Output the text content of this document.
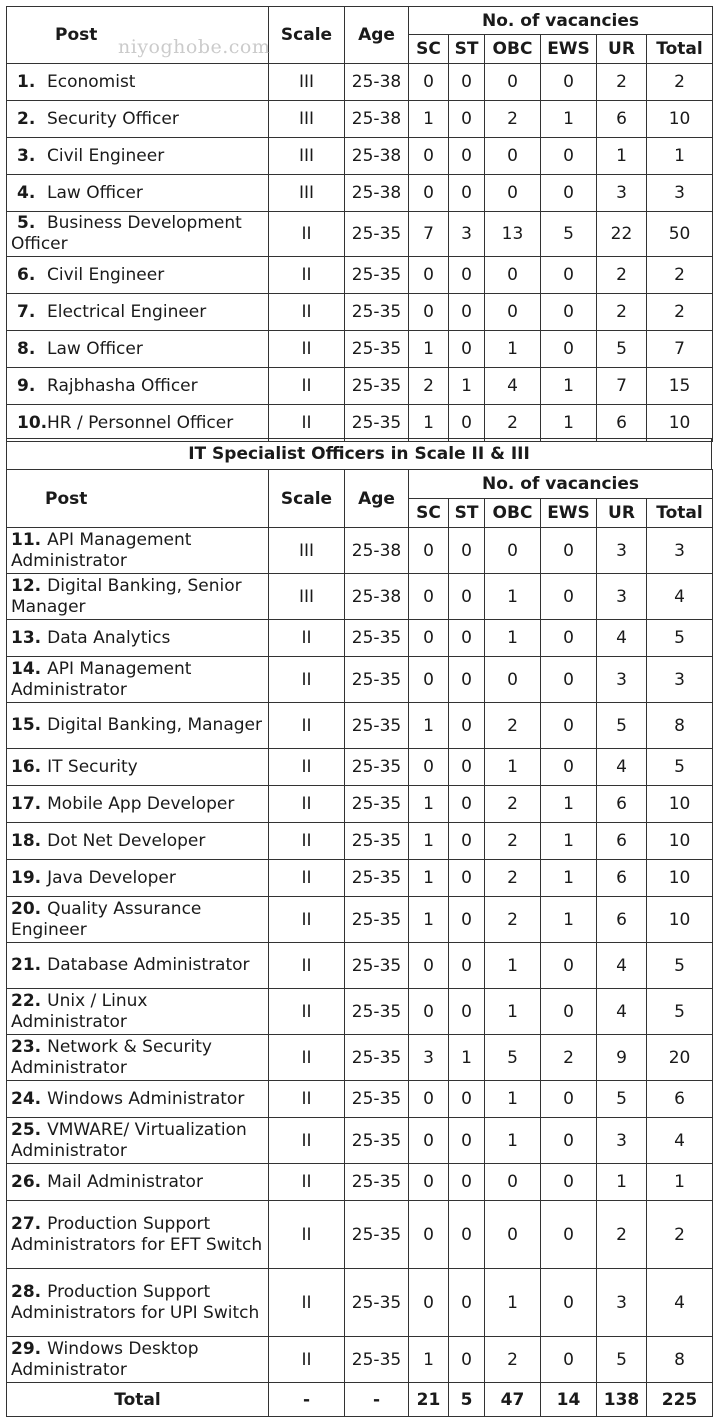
niyoghobe.com
Post	Scale	Age	No. of vacancies					
			SC	ST	OBC	EWS	UR	Total
1. Economist	III	25-38	0	0	0	0	2	2
2. Security Officer	III	25-38	1	0	2	1	6	10
3. Civil Engineer	III	25-38	0	0	0	0	1	1
4. Law Officer	III	25-38	0	0	0	0	3	3
5. Business Development Officer	II	25-35	7	3	13	5	22	50
6. Civil Engineer	II	25-35	0	0	0	0	2	2
7. Electrical Engineer	II	25-35	0	0	0	0	2	2
8. Law Officer	II	25-35	1	0	1	0	5	7
9. Rajbhasha Officer	II	25-35	2	1	4	1	7	15
10.HR / Personnel Officer	II	25-35	1	0	2	1	6	10
IT Specialist Officers in Scale II & III
Post	Scale	Age	No. of vacancies					
			SC	ST	OBC	EWS	UR	Total
11. API Management Administrator	III	25-38	0	0	0	0	3	3
12. Digital Banking, Senior Manager	III	25-38	0	0	1	0	3	4
13. Data Analytics	II	25-35	0	0	1	0	4	5
14. API Management Administrator	II	25-35	0	0	0	0	3	3
15. Digital Banking, Manager	II	25-35	1	0	2	0	5	8
16. IT Security	II	25-35	0	0	1	0	4	5
17. Mobile App Developer	II	25-35	1	0	2	1	6	10
18. Dot Net Developer	II	25-35	1	0	2	1	6	10
19. Java Developer	II	25-35	1	0	2	1	6	10
20. Quality Assurance Engineer	II	25-35	1	0	2	1	6	10
21. Database Administrator	II	25-35	0	0	1	0	4	5
22. Unix / Linux Administrator	II	25-35	0	0	1	0	4	5
23. Network & Security Administrator	II	25-35	3	1	5	2	9	20
24. Windows Administrator	II	25-35	0	0	1	0	5	6
25. VMWARE/ Virtualization Administrator	II	25-35	0	0	1	0	3	4
26. Mail Administrator	II	25-35	0	0	0	0	1	1
27. Production Support Administrators for EFT Switch	II	25-35	0	0	0	0	2	2
28. Production Support Administrators for UPI Switch	II	25-35	0	0	1	0	3	4
29. Windows Desktop Administrator	II	25-35	1	0	2	0	5	8
Total	-	-	21	5	47	14	138	225
